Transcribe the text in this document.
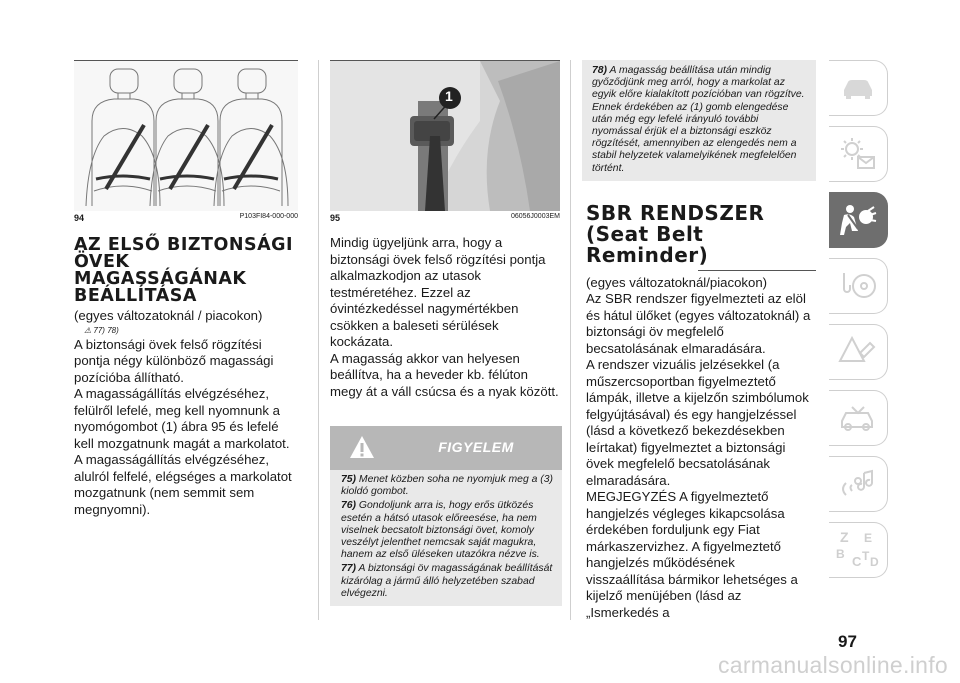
94	P103FI84-000-000
AZ ELSŐ BIZTONSÁGI
ÖVEK MAGASSÁGÁNAK
BEÁLLÍTÁSA

(egyes változatoknál / piacokon)

⚠ 77) 78)

A biztonsági övek felső rögzítési pontja négy különböző magassági pozícióba állítható.

A magasságállítás elvégzéséhez, felülről lefelé, meg kell nyomnunk a nyomógombot (1) ábra 95 és lefelé kell mozgatnunk magát a markolatot.

A magasságállítás elvégzéséhez, alulról felfelé, elégséges a markolatot mozgatnunk (nem semmit sem megnyomni).

1
95	06056J0003EM

Mindig ügyeljünk arra, hogy a biztonsági övek felső rögzítési pontja alkalmazkodjon az utasok testméretéhez. Ezzel az óvintézkedéssel nagymértékben csökken a baleseti sérülések kockázata.

A magasság akkor van helyesen beállítva, ha a heveder kb. félúton megy át a váll csúcsa és a nyak között.

FIGYELEM
75) Menet közben soha ne nyomjuk meg a (3) kioldó gombot.
76) Gondoljunk arra is, hogy erős ütközés esetén a hátsó utasok előreesése, ha nem viselnek becsatolt biztonsági övet, komoly veszélyt jelenthet nemcsak saját magukra, hanem az első üléseken utazókra nézve is.
77) A biztonsági öv magasságának beállítását kizárólag a jármű álló helyzetében szabad elvégezni.
78) A magasság beállítása után mindig győződjünk meg arról, hogy a markolat az egyik előre kialakított pozícióban van rögzítve. Ennek érdekében az (1) gomb elengedése után még egy lefelé irányuló további nyomással érjük el a biztonsági eszköz rögzítését, amennyiben az elengedés nem a stabil helyzetek valamelyikének megfelelően történt.
SBR RENDSZER
(Seat Belt
Reminder)

(egyes változatoknál/piacokon)

Az SBR rendszer figyelmezteti az elöl és hátul ülőket (egyes változatoknál) a biztonsági öv megfelelő becsatolásának elmaradására.

A rendszer vizuális jelzésekkel (a műszercsoportban figyelmeztető lámpák, illetve a kijelzőn szimbólumok felgyújtásával) és egy hangjelzéssel (lásd a következő bekezdésekben leírtakat) figyelmeztet a biztonsági övek megfelelő becsatolásának elmaradására.

MEGJEGYZÉS A figyelmeztető hangjelzés végleges kikapcsolása érdekében forduljunk egy Fiat márkaszervizhez. A figyelmeztető hangjelzés működésének visszaállítása bármikor lehetséges a kijelző menüjében (lásd az „Ismerkedés a

Z E
B C T D
97
carmanualsonline.info
